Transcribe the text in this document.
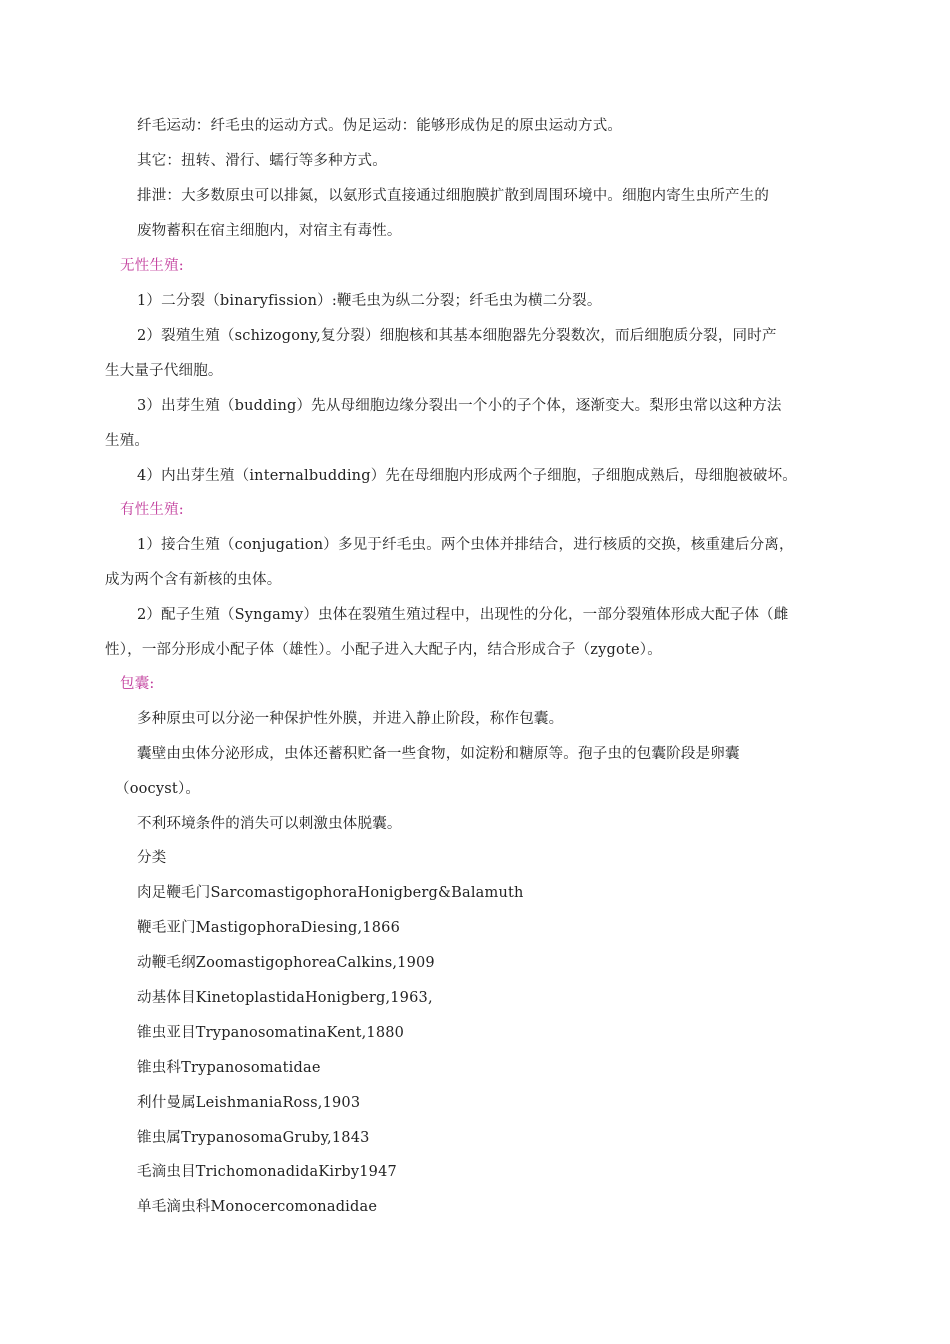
纤毛运动：纤毛虫的运动方式。伪足运动：能够形成伪足的原虫运动方式。
其它：扭转、滑行、蠕行等多种方式。
排泄：大多数原虫可以排氮，以氨形式直接通过细胞膜扩散到周围环境中。细胞内寄生虫所产生的
废物蓄积在宿主细胞内，对宿主有毒性。
无性生殖:
1）二分裂（binaryfission）:鞭毛虫为纵二分裂；纤毛虫为横二分裂。
2）裂殖生殖（schizogony,复分裂）细胞核和其基本细胞器先分裂数次，而后细胞质分裂，同时产
生大量子代细胞。
3）出芽生殖（budding）先从母细胞边缘分裂出一个小的子个体，逐渐变大。梨形虫常以这种方法
生殖。
4）内出芽生殖（internalbudding）先在母细胞内形成两个子细胞，子细胞成熟后，母细胞被破坏。
有性生殖:
1）接合生殖（conjugation）多见于纤毛虫。两个虫体并排结合，进行核质的交换，核重建后分离，
成为两个含有新核的虫体。
2）配子生殖（Syngamy）虫体在裂殖生殖过程中，出现性的分化，一部分裂殖体形成大配子体（雌
性），一部分形成小配子体（雄性）。小配子进入大配子内，结合形成合子（zygote）。
包囊:
多种原虫可以分泌一种保护性外膜，并进入静止阶段，称作包囊。
囊壁由虫体分泌形成，虫体还蓄积贮备一些食物，如淀粉和糖原等。孢子虫的包囊阶段是卵囊
（oocyst）。
不利环境条件的消失可以刺激虫体脱囊。
分类
肉足鞭毛门SarcomastigophoraHonigberg&Balamuth
鞭毛亚门MastigophoraDiesing,1866
动鞭毛纲ZoomastigophoreaCalkins,1909
动基体目KinetoplastidaHonigberg,1963,
锥虫亚目TrypanosomatinaKent,1880
锥虫科Trypanosomatidae
利什曼属LeishmaniaRoss,1903
锥虫属TrypanosomaGruby,1843
毛滴虫目TrichomonadidaKirby1947
单毛滴虫科Monocercomonadidae
